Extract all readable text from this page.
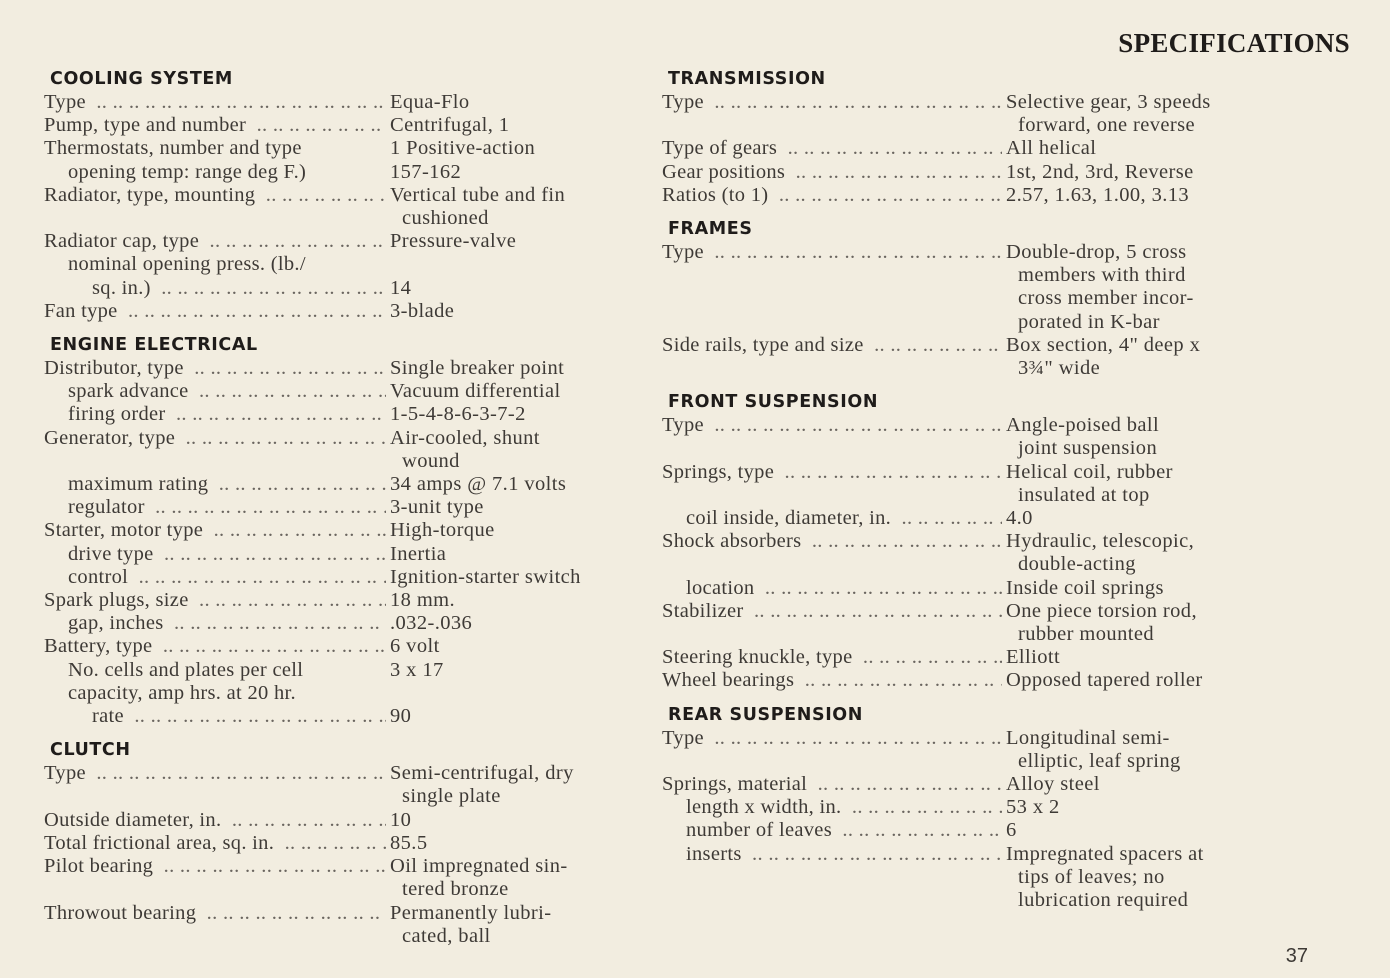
SPECIFICATIONS
COOLING SYSTEM
Type .. ..	Equa-Flo
Pump, type and number .. ..	Centrifugal, 1
Thermostats, number and type	1 Positive-action
opening temp: range deg F.)	157-162
Radiator, type, mounting .. ..	Vertical tube and fin
cushioned
Radiator cap, type .. ..	Pressure-valve
nominal opening press. (lb./

sq. in.) .. ..	14
Fan type .. ..	3-blade
ENGINE ELECTRICAL
Distributor, type .. ..	Single breaker point
spark advance .. ..	Vacuum differential
firing order .. ..	1-5-4-8-6-3-7-2
Generator, type .. ..	Air-cooled, shunt
wound
maximum rating .. ..	34 amps @ 7.1 volts
regulator .. ..	3-unit type
Starter, motor type .. ..	High-torque
drive type .. ..	Inertia
control .. ..	Ignition-starter switch
Spark plugs, size .. ..	18 mm.
gap, inches .. ..	.032-.036
Battery, type .. ..	6 volt
No. cells and plates per cell	3 x 17
capacity, amp hrs. at 20 hr.

rate .. ..	90
CLUTCH
Type .. ..	Semi-centrifugal, dry
single plate
Outside diameter, in. .. ..	10
Total frictional area, sq. in. .. ..	85.5
Pilot bearing .. ..	Oil impregnated sin-
tered bronze
Throwout bearing .. ..	Permanently lubri-
cated, ball
TRANSMISSION
Type .. ..	Selective gear, 3 speeds
forward, one reverse
Type of gears .. ..	All helical
Gear positions .. ..	1st, 2nd, 3rd, Reverse
Ratios (to 1) .. ..	2.57, 1.63, 1.00, 3.13
FRAMES
Type .. ..	Double-drop, 5 cross
members with third
cross member incor-
porated in K-bar
Side rails, type and size .. ..	Box section, 4" deep x
3¾" wide
FRONT SUSPENSION
Type .. ..	Angle-poised ball
joint suspension
Springs, type .. ..	Helical coil, rubber
insulated at top
coil inside, diameter, in. .. ..	4.0
Shock absorbers .. ..	Hydraulic, telescopic,
double-acting
location .. ..	Inside coil springs
Stabilizer .. ..	One piece torsion rod,
rubber mounted
Steering knuckle, type .. ..	Elliott
Wheel bearings .. ..	Opposed tapered roller
REAR SUSPENSION
Type .. ..	Longitudinal semi-
elliptic, leaf spring
Springs, material .. ..	Alloy steel
length x width, in. .. ..	53 x 2
number of leaves .. ..	6
inserts .. ..	Impregnated spacers at
tips of leaves; no
lubrication required
37
